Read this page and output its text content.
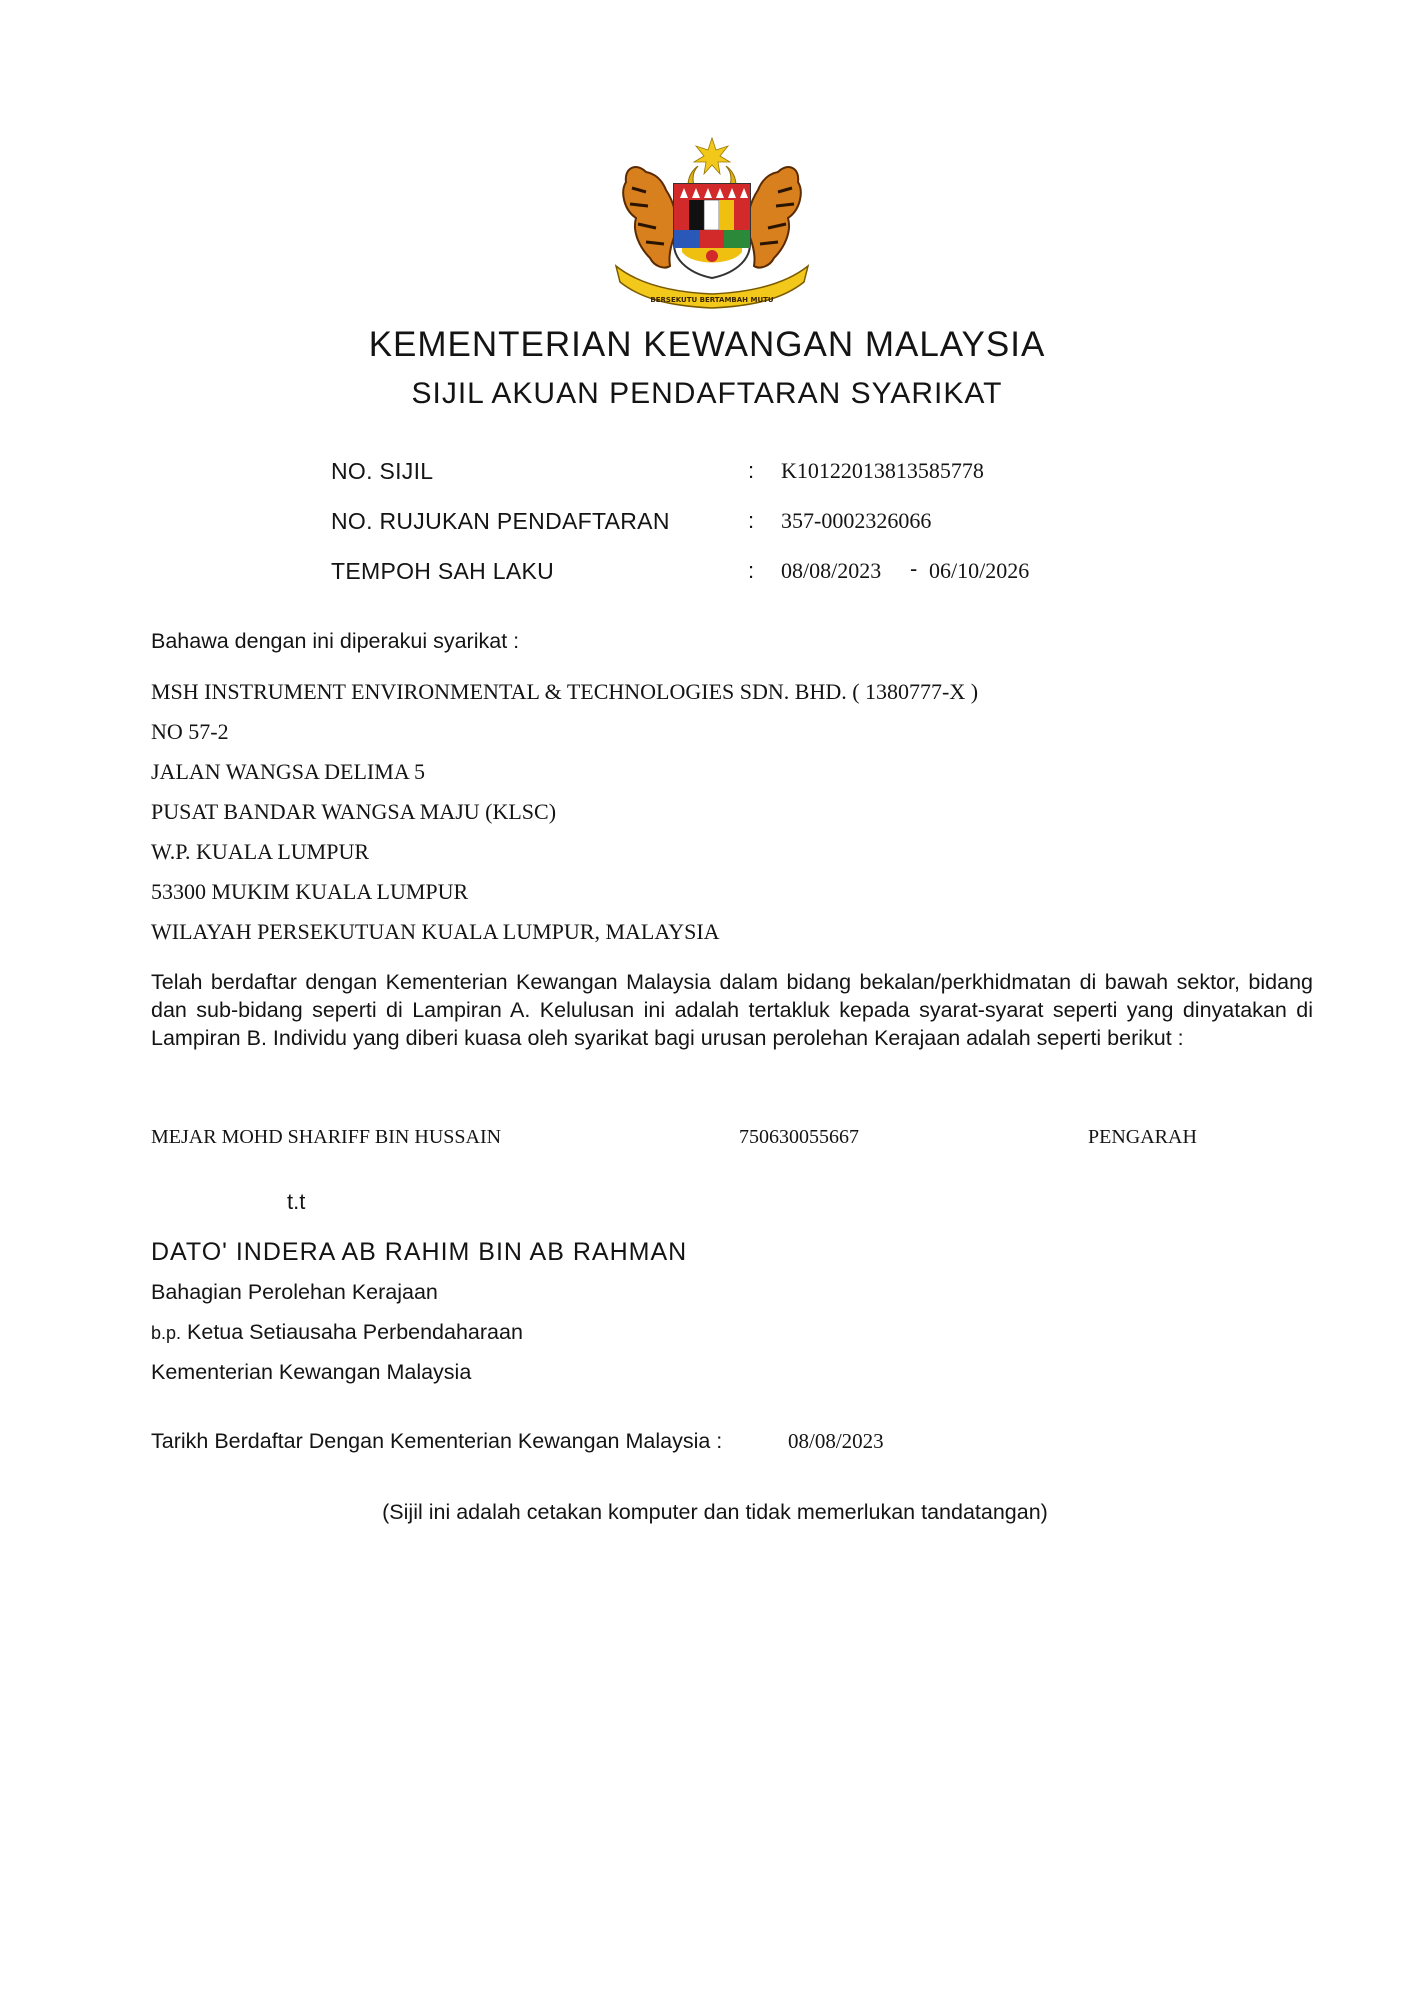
BERSEKUTU BERTAMBAH MUTU
KEMENTERIAN KEWANGAN MALAYSIA
SIJIL AKUAN PENDAFTARAN SYARIKAT
NO. SIJIL	: K10122013813585778
NO. RUJUKAN PENDAFTARAN	: 357-0002326066
TEMPOH SAH LAKU	: 08/08/2023 - 06/10/2026
Bahawa dengan ini diperakui syarikat :
MSH INSTRUMENT ENVIRONMENTAL & TECHNOLOGIES SDN. BHD. ( 1380777-X )
NO 57-2
JALAN WANGSA DELIMA 5
PUSAT BANDAR WANGSA MAJU (KLSC)
W.P. KUALA LUMPUR
53300 MUKIM KUALA LUMPUR
WILAYAH PERSEKUTUAN KUALA LUMPUR, MALAYSIA
Telah berdaftar dengan Kementerian Kewangan Malaysia dalam bidang bekalan/perkhidmatan di bawah sektor, bidang dan sub-bidang seperti di Lampiran A. Kelulusan ini adalah tertakluk kepada syarat-syarat seperti yang dinyatakan di Lampiran B. Individu yang diberi kuasa oleh syarikat bagi urusan perolehan Kerajaan adalah seperti berikut :
MEJAR MOHD SHARIFF BIN HUSSAIN	750630055667	PENGARAH
t.t
DATO' INDERA AB RAHIM BIN AB RAHMAN
Bahagian Perolehan Kerajaan
b.p. Ketua Setiausaha Perbendaharaan
Kementerian Kewangan Malaysia
Tarikh Berdaftar Dengan Kementerian Kewangan Malaysia :	08/08/2023
(Sijil ini adalah cetakan komputer dan tidak memerlukan tandatangan)
